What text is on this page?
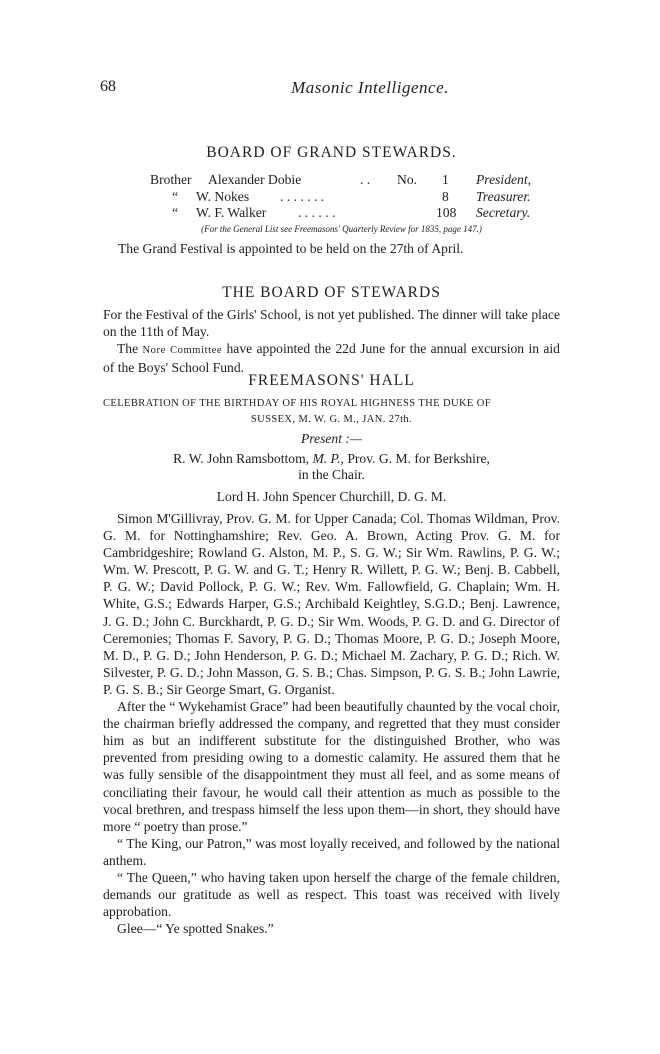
68	Masonic Intelligence.
BOARD OF GRAND STEWARDS.
Brother Alexander Dobie	. . No. 1 President,
“ W. Nokes . . . . . . .	8 Treasurer.
“ W. F. Walker . . . . . .	108 Secretary.
(For the General List see Freemasons' Quarterly Review for 1835, page 147.)
The Grand Festival is appointed to be held on the 27th of April.
THE BOARD OF STEWARDS

For the Festival of the Girls' School, is not yet published. The dinner will take place on the 11th of May.

The Nore Committee have appointed the 22d June for the annual excursion in aid of the Boys' School Fund.

FREEMASONS' HALL
CELEBRATION OF THE BIRTHDAY OF HIS ROYAL HIGHNESS THE DUKE OF
SUSSEX, M. W. G. M., JAN. 27th.
Present :—
R. W. John Ramsbottom, M. P., Prov. G. M. for Berkshire,
in the Chair.
Lord H. John Spencer Churchill, D. G. M.

Simon M'Gillivray, Prov. G. M. for Upper Canada; Col. Thomas Wildman, Prov. G. M. for Nottinghamshire; Rev. Geo. A. Brown, Acting Prov. G. M. for Cambridgeshire; Rowland G. Alston, M. P., S. G. W.; Sir Wm. Rawlins, P. G. W.; Wm. W. Prescott, P. G. W. and G. T.; Henry R. Willett, P. G. W.; Benj. B. Cabbell, P. G. W.; David Pollock, P. G. W.; Rev. Wm. Fallowfield, G. Chaplain; Wm. H. White, G.S.; Edwards Harper, G.S.; Archibald Keightley, S.G.D.; Benj. Lawrence, J. G. D.; John C. Burckhardt, P. G. D.; Sir Wm. Woods, P. G. D. and G. Director of Ceremonies; Thomas F. Savory, P. G. D.; Thomas Moore, P. G. D.; Joseph Moore, M. D., P. G. D.; John Henderson, P. G. D.; Michael M. Zachary, P. G. D.; Rich. W. Silvester, P. G. D.; John Masson, G. S. B.; Chas. Simpson, P. G. S. B.; John Lawrie, P. G. S. B.; Sir George Smart, G. Organist.

After the “ Wykehamist Grace” had been beautifully chaunted by the vocal choir, the chairman briefly addressed the company, and regretted that they must consider him as but an indifferent substitute for the distinguished Brother, who was prevented from presiding owing to a domestic calamity. He assured them that he was fully sensible of the disappointment they must all feel, and as some means of conciliating their favour, he would call their attention as much as possible to the vocal brethren, and trespass himself the less upon them—in short, they should have more “ poetry than prose.”

“ The King, our Patron,” was most loyally received, and followed by the national anthem.

“ The Queen,” who having taken upon herself the charge of the female children, demands our gratitude as well as respect. This toast was received with lively approbation.

Glee—“ Ye spotted Snakes.”
